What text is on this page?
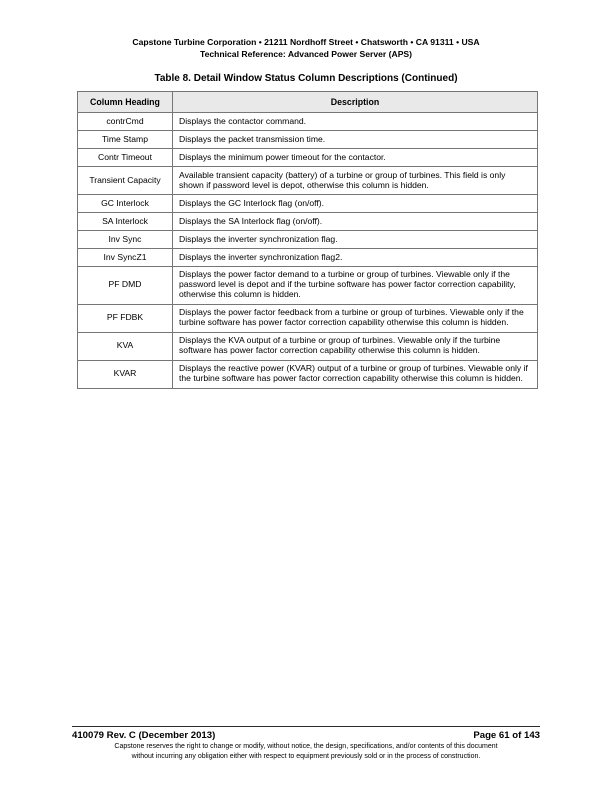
Capstone Turbine Corporation • 21211 Nordhoff Street • Chatsworth • CA 91311 • USA
Technical Reference: Advanced Power Server (APS)
Table 8. Detail Window Status Column Descriptions (Continued)
Column Heading	Description
contrCmd	Displays the contactor command.
Time Stamp	Displays the packet transmission time.
Contr Timeout	Displays the minimum power timeout for the contactor.
Transient Capacity	Available transient capacity (battery) of a turbine or group of turbines. This field is only shown if password level is depot, otherwise this column is hidden.
GC Interlock	Displays the GC Interlock flag (on/off).
SA Interlock	Displays the SA Interlock flag (on/off).
Inv Sync	Displays the inverter synchronization flag.
Inv SyncZ1	Displays the inverter synchronization flag2.
PF DMD	Displays the power factor demand to a turbine or group of turbines. Viewable only if the password level is depot and if the turbine software has power factor correction capability, otherwise this column is hidden.
PF FDBK	Displays the power factor feedback from a turbine or group of turbines. Viewable only if the turbine software has power factor correction capability otherwise this column is hidden.
KVA	Displays the KVA output of a turbine or group of turbines. Viewable only if the turbine software has power factor correction capability otherwise this column is hidden.
KVAR	Displays the reactive power (KVAR) output of a turbine or group of turbines. Viewable only if the turbine software has power factor correction capability otherwise this column is hidden.
410079 Rev. C (December 2013)	Page 61 of 143
Capstone reserves the right to change or modify, without notice, the design, specifications, and/or contents of this document
without incurring any obligation either with respect to equipment previously sold or in the process of construction.
